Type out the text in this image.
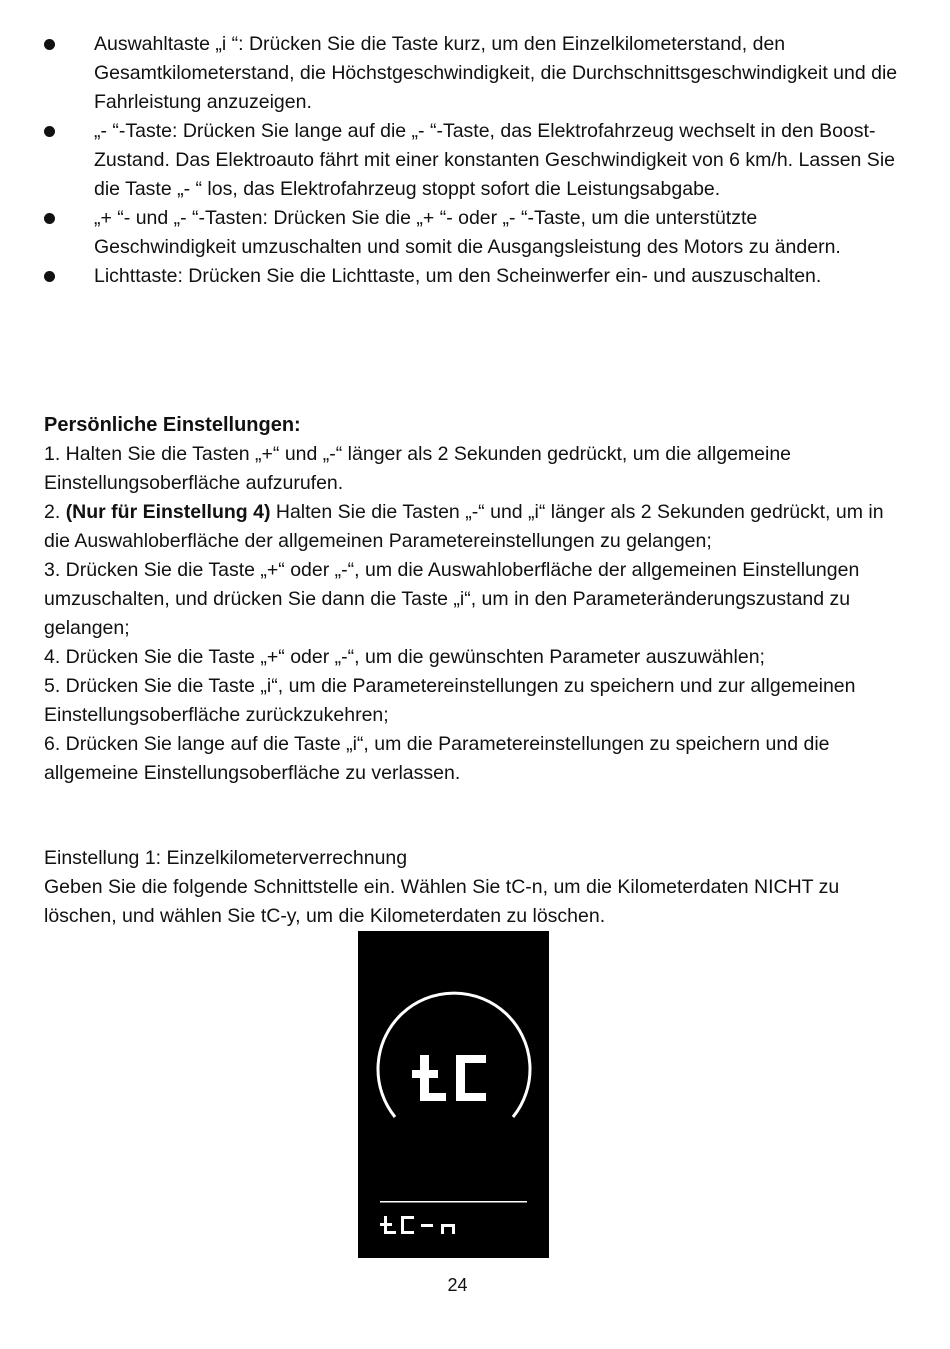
Auswahltaste „i “: Drücken Sie die Taste kurz, um den Einzelkilometerstand, den Gesamtkilometerstand, die Höchstgeschwindigkeit, die Durchschnittsgeschwindigkeit und die Fahrleistung anzuzeigen.
„- “-Taste: Drücken Sie lange auf die „- “-Taste, das Elektrofahrzeug wechselt in den Boost-Zustand. Das Elektroauto fährt mit einer konstanten Geschwindigkeit von 6 km/h. Lassen Sie die Taste „- “ los, das Elektrofahrzeug stoppt sofort die Leistungsabgabe.
„+ “- und „- “-Tasten: Drücken Sie die „+ “- oder „- “-Taste, um die unterstützte Geschwindigkeit umzuschalten und somit die Ausgangsleistung des Motors zu ändern.
Lichttaste: Drücken Sie die Lichttaste, um den Scheinwerfer ein- und auszuschalten.

Persönliche Einstellungen:

1. Halten Sie die Tasten „+“ und „-“ länger als 2 Sekunden gedrückt, um die allgemeine Einstellungsoberfläche aufzurufen.

2. (Nur für Einstellung 4) Halten Sie die Tasten „-“ und „i“ länger als 2 Sekunden gedrückt, um in die Auswahloberfläche der allgemeinen Parametereinstellungen zu gelangen;

3. Drücken Sie die Taste „+“ oder „-“, um die Auswahloberfläche der allgemeinen Einstellungen umzuschalten, und drücken Sie dann die Taste „i“, um in den Parameteränderungszustand zu gelangen;

4. Drücken Sie die Taste „+“ oder „-“, um die gewünschten Parameter auszuwählen;

5. Drücken Sie die Taste „i“, um die Parametereinstellungen zu speichern und zur allgemeinen Einstellungsoberfläche zurückzukehren;

6. Drücken Sie lange auf die Taste „i“, um die Parametereinstellungen zu speichern und die allgemeine Einstellungsoberfläche zu verlassen.

Einstellung 1: Einzelkilometerverrechnung

Geben Sie die folgende Schnittstelle ein. Wählen Sie tC-n, um die Kilometerdaten NICHT zu löschen, und wählen Sie tC-y, um die Kilometerdaten zu löschen.

24
